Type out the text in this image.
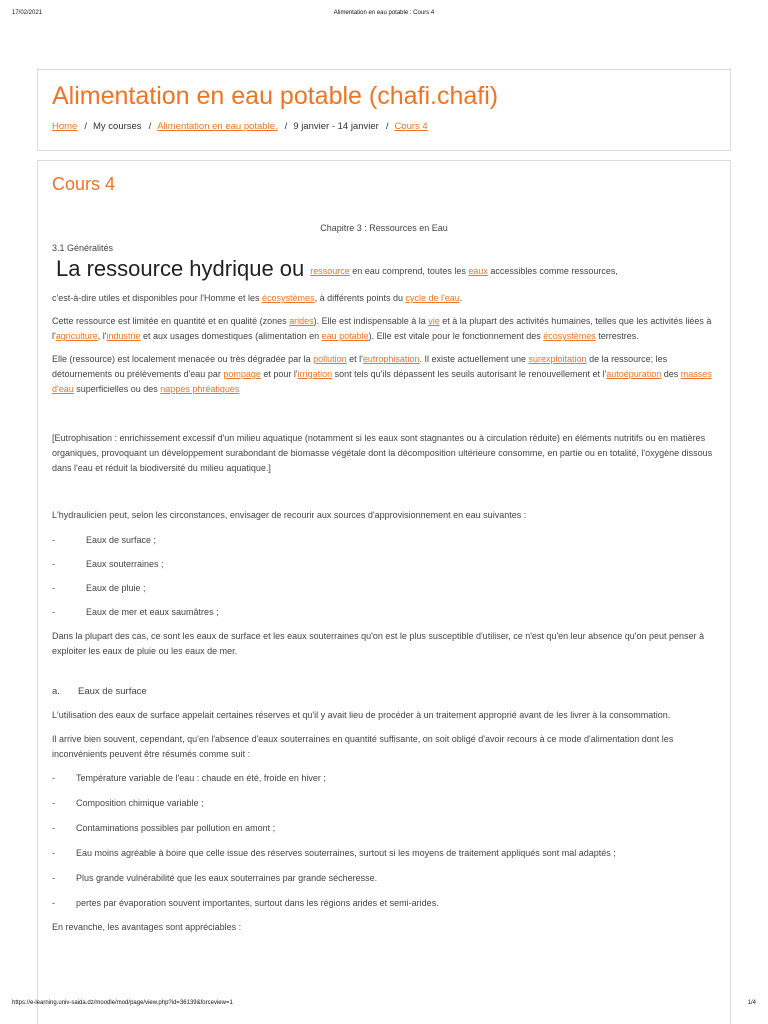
17/02/2021	Alimentation en eau potable : Cours 4
Alimentation en eau potable (chafi.chafi)
Home / My courses / Alimentation en eau potable. / 9 janvier - 14 janvier / Cours 4
Cours 4

Chapitre 3 : Ressources en Eau

3.1 Généralités

La ressource hydrique ou ressource en eau comprend, toutes les eaux accessibles comme ressources,

c'est-à-dire utiles et disponibles pour l'Homme et les écosystèmes, à différents points du cycle de l'eau.

Cette ressource est limitée en quantité et en qualité (zones arides). Elle est indispensable à la vie et à la plupart des activités humaines, telles que les activités liées à l'agriculture, l'industrie et aux usages domestiques (alimentation en eau potable). Elle est vitale pour le fonctionnement des écosystèmes terrestres.

Elle (ressource) est localement menacée ou très dégradée par la pollution et l'eutrophisation. Il existe actuellement une surexploitation de la ressource; les détournements ou prélèvements d'eau par pompage et pour l'irrigation sont tels qu'ils dépassent les seuils autorisant le renouvellement et l'autoépuration des masses d'eau superficielles ou des nappes phréatiques

[Eutrophisation : enrichissement excessif d'un milieu aquatique (notamment si les eaux sont stagnantes ou à circulation réduite) en éléments nutritifs ou en matières organiques, provoquant un développement surabondant de biomasse végétale dont la décomposition ultérieure consomme, en partie ou en totalité, l'oxygène dissous dans l'eau et réduit la biodiversité du milieu aquatique.]

L'hydraulicien peut, selon les circonstances, envisager de recourir aux sources d'approvisionnement en eau suivantes :

-	Eaux de surface ;

-	Eaux souterraines ;

-	Eaux de pluie ;

-	Eaux de mer et eaux saumâtres ;

Dans la plupart des cas, ce sont les eaux de surface et les eaux souterraines qu'on est le plus susceptible d'utiliser, ce n'est qu'en leur absence qu'on peut penser à exploiter les eaux de pluie ou les eaux de mer.

a. Eaux de surface

L'utilisation des eaux de surface appelait certaines réserves et qu'il y avait lieu de procéder à un traitement approprié avant de les livrer à la consommation.

Il arrive bien souvent, cependant, qu'en l'absence d'eaux souterraines en quantité suffisante, on soit obligé d'avoir recours à ce mode d'alimentation dont les inconvénients peuvent être résumés comme suit :

- Température variable de l'eau : chaude en été, froide en hiver ;

- Composition chimique variable ;

- Contaminations possibles par pollution en amont ;

- Eau moins agréable à boire que celle issue des réserves souterraines, surtout si les moyens de traitement appliqués sont mal adaptés ;

- Plus grande vulnérabilité que les eaux souterraines par grande sécheresse.

- pertes par évaporation souvent importantes, surtout dans les régions arides et semi-arides.

En revanche, les avantages sont appréciables :

https://e-learning.univ-saida.dz/moodle/mod/page/view.php?id=36139&forceview=1	1/4
